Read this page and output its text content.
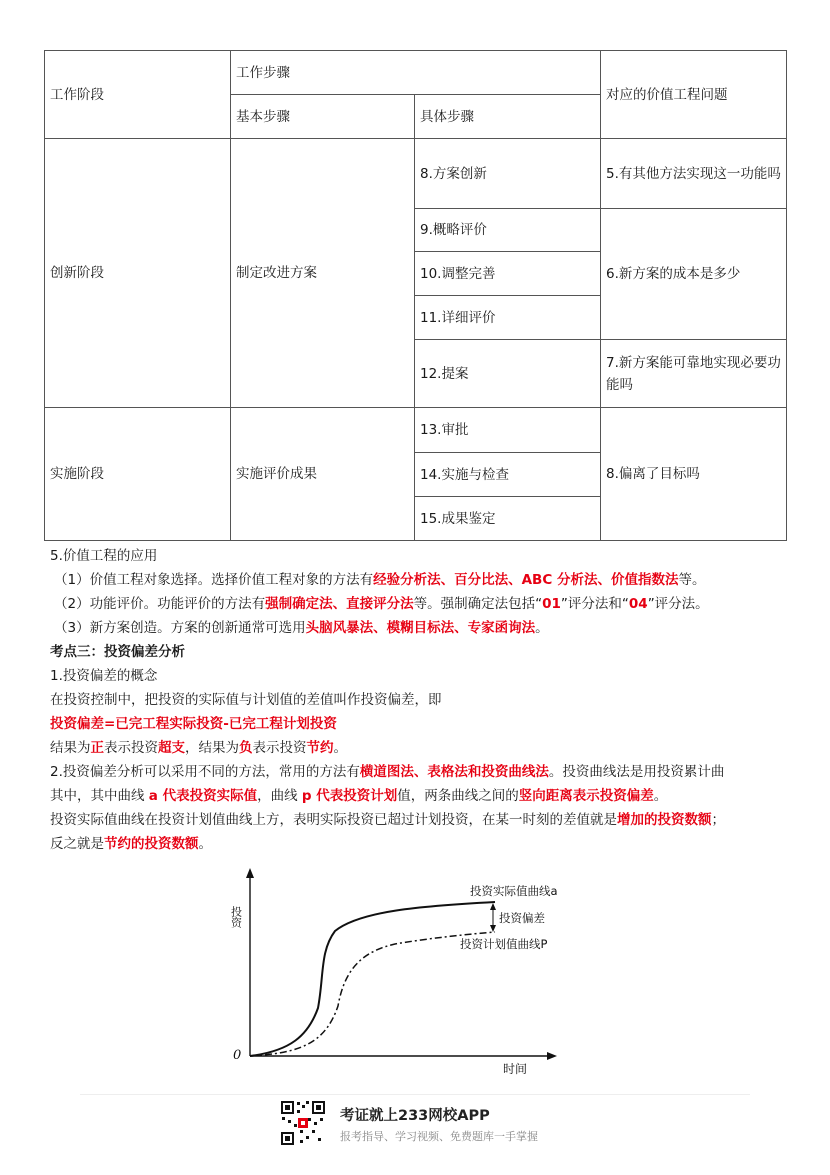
工作阶段	工作步骤		对应的价值工程问题
	基本步骤	具体步骤	
创新阶段	制定改进方案	8.方案创新	5.有其他方法实现这一功能吗
		9.概略评价	6.新方案的成本是多少
		10.调整完善	
		11.详细评价	
		12.提案	7.新方案能可靠地实现必要功能吗
实施阶段	实施评价成果	13.审批	8.偏离了目标吗
		14.实施与检查	
		15.成果鉴定	
5.价值工程的应用
（1）价值工程对象选择。选择价值工程对象的方法有经验分析法、百分比法、ABC 分析法、价值指数法等。
（2）功能评价。功能评价的方法有强制确定法、直接评分法等。强制确定法包括“01”评分法和“04”评分法。
（3）新方案创造。方案的创新通常可选用头脑风暴法、模糊目标法、专家函询法。
考点三：投资偏差分析
1.投资偏差的概念
在投资控制中，把投资的实际值与计划值的差值叫作投资偏差，即
投资偏差=已完工程实际投资-已完工程计划投资
结果为正表示投资超支，结果为负表示投资节约。
2.投资偏差分析可以采用不同的方法，常用的方法有横道图法、表格法和投资曲线法。投资曲线法是用投资累计曲
其中，其中曲线 a 代表投资实际值，曲线 p 代表投资计划值，两条曲线之间的竖向距离表示投资偏差。
投资实际值曲线在投资计划值曲线上方，表明实际投资已超过计划投资，在某一时刻的差值就是增加的投资数额；
反之就是节约的投资数额。
投资
时间
0
投资实际值曲线a
投资偏差
投资计划值曲线P
考证就上233网校APP
报考指导、学习视频、免费题库一手掌握
